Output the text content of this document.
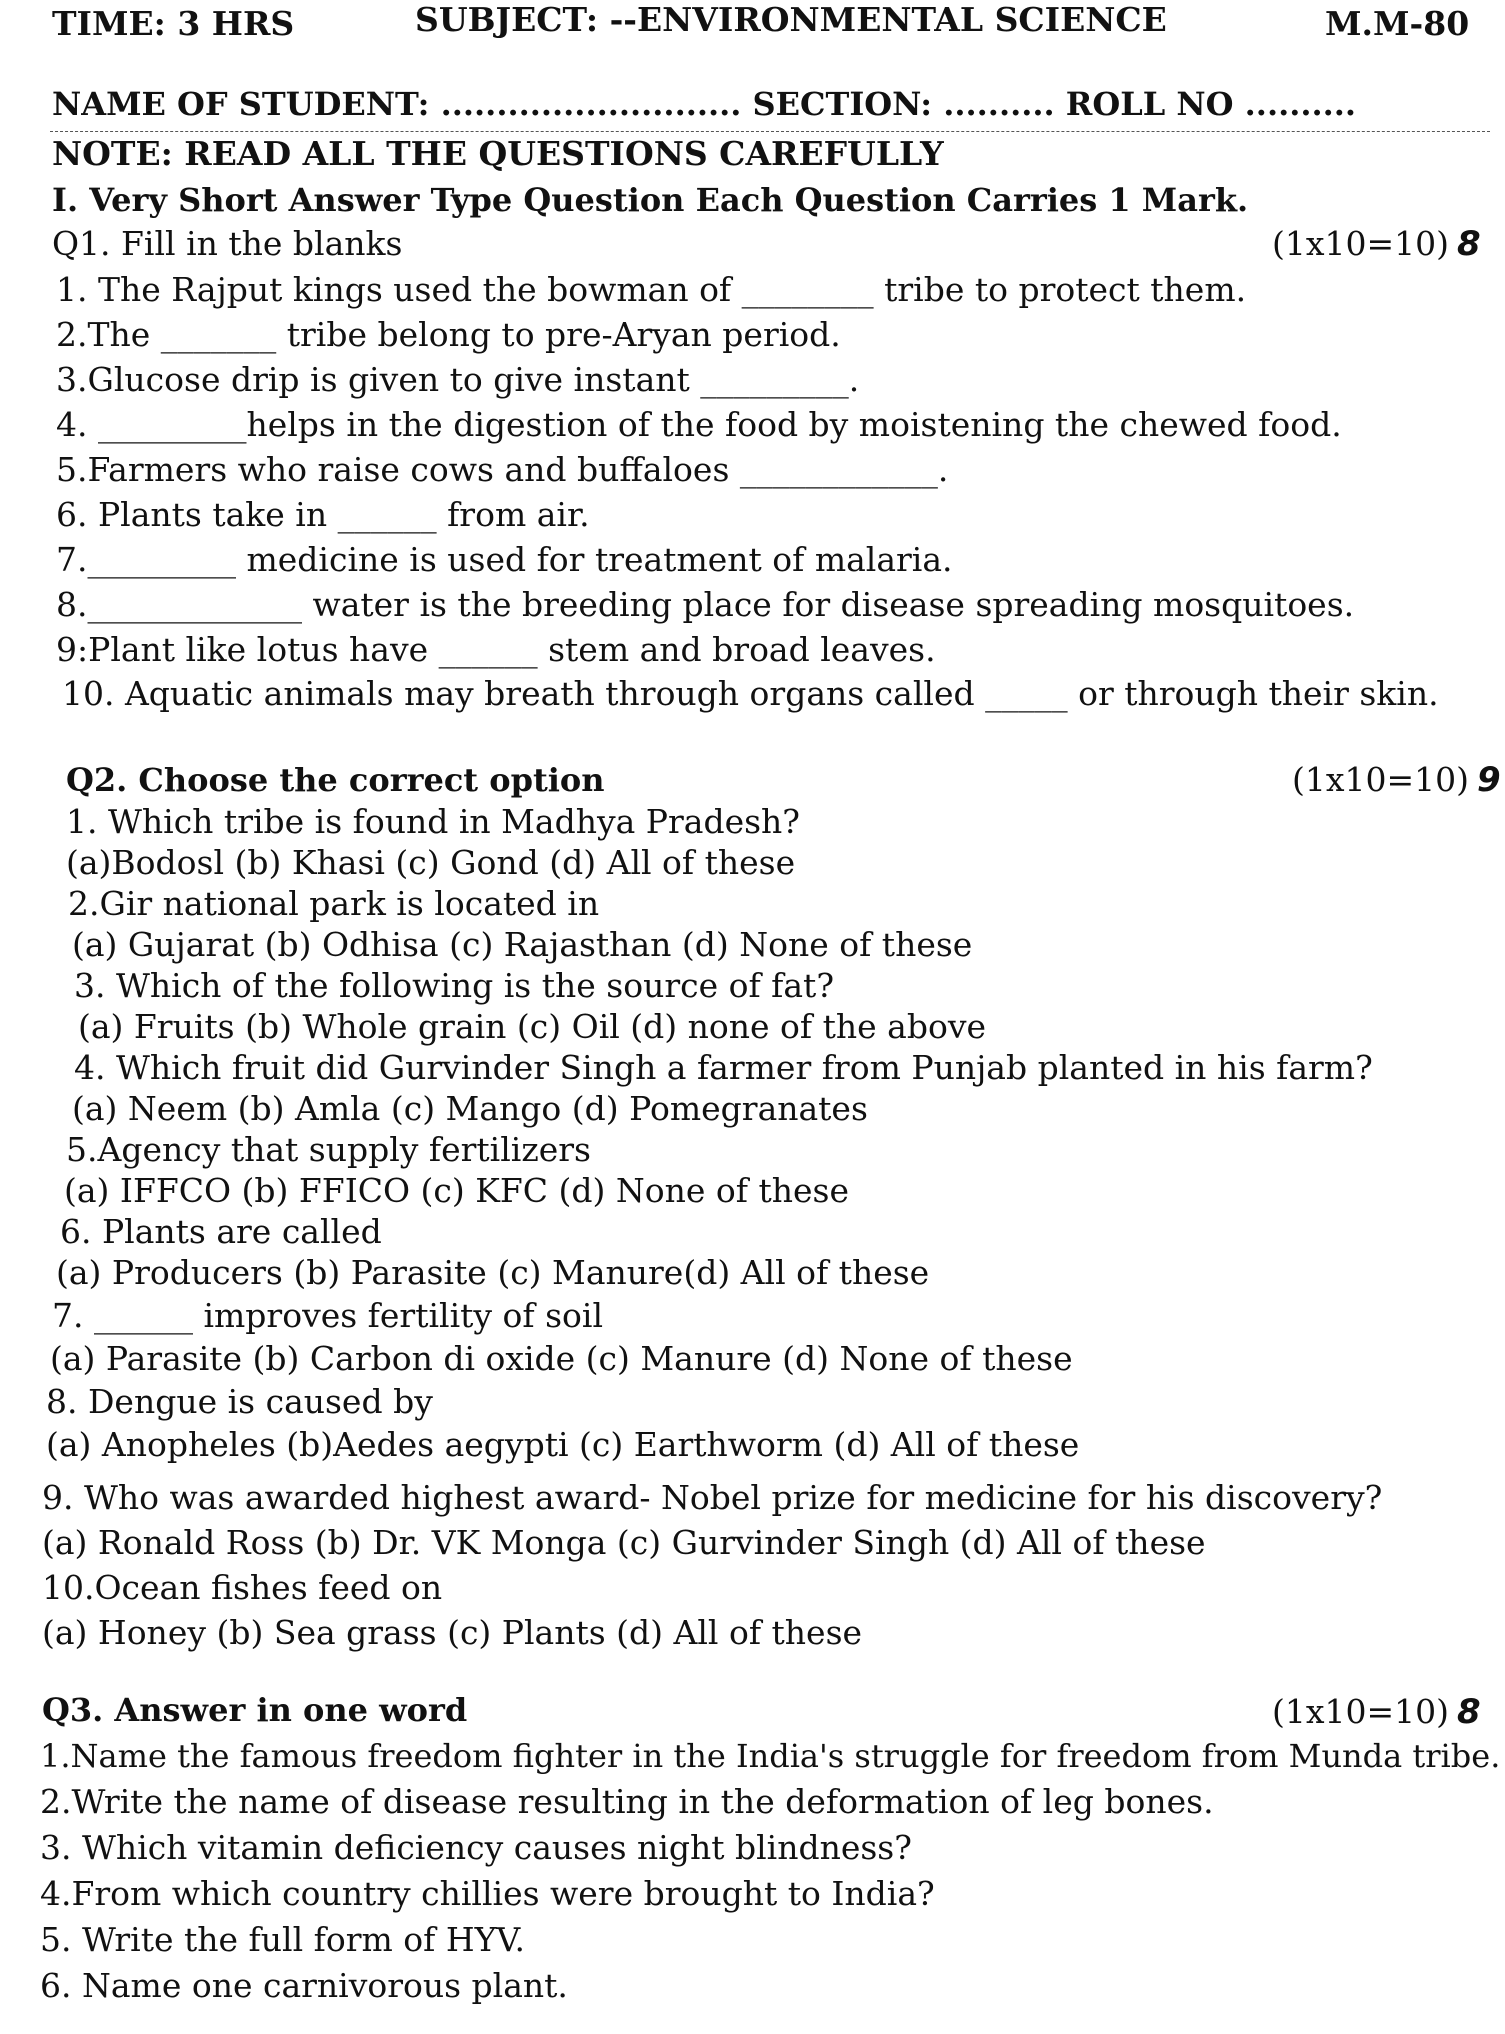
TIME: 3 HRS	SUBJECT: --ENVIRONMENTAL SCIENCE	M.M-80
NAME OF STUDENT: ........................... SECTION: .......... ROLL NO ..........
NOTE: READ ALL THE QUESTIONS CAREFULLY
I. Very Short Answer Type Question Each Question Carries 1 Mark.
Q1. Fill in the blanks	(1x10=10) 8
1. The Rajput kings used the bowman of ________ tribe to protect them.
2.The _______ tribe belong to pre-Aryan period.
3.Glucose drip is given to give instant _________.
4. _________helps in the digestion of the food by moistening the chewed food.
5.Farmers who raise cows and buffaloes ____________.
6. Plants take in ______ from air.
7._________ medicine is used for treatment of malaria.
8._____________ water is the breeding place for disease spreading mosquitoes.
9:Plant like lotus have ______ stem and broad leaves.
10. Aquatic animals may breath through organs called _____ or through their skin.
Q2. Choose the correct option	(1x10=10) 9
1. Which tribe is found in Madhya Pradesh?
(a)Bodosl (b) Khasi (c) Gond (d) All of these
2.Gir national park is located in
(a) Gujarat (b) Odhisa (c) Rajasthan (d) None of these
3. Which of the following is the source of fat?
(a) Fruits (b) Whole grain (c) Oil (d) none of the above
4. Which fruit did Gurvinder Singh a farmer from Punjab planted in his farm?
(a) Neem (b) Amla (c) Mango (d) Pomegranates
5.Agency that supply fertilizers
(a) IFFCO (b) FFICO (c) KFC (d) None of these
6. Plants are called
(a) Producers (b) Parasite (c) Manure(d) All of these
7. ______ improves fertility of soil
(a) Parasite (b) Carbon di oxide (c) Manure (d) None of these
8. Dengue is caused by
(a) Anopheles (b)Aedes aegypti (c) Earthworm (d) All of these
9. Who was awarded highest award- Nobel prize for medicine for his discovery?
(a) Ronald Ross (b) Dr. VK Monga (c) Gurvinder Singh (d) All of these
10.Ocean fishes feed on
(a) Honey (b) Sea grass (c) Plants (d) All of these
Q3. Answer in one word	(1x10=10) 8
1.Name the famous freedom fighter in the India's struggle for freedom from Munda tribe.
2.Write the name of disease resulting in the deformation of leg bones.
3. Which vitamin deficiency causes night blindness?
4.From which country chillies were brought to India?
5. Write the full form of HYV.
6. Name one carnivorous plant.
